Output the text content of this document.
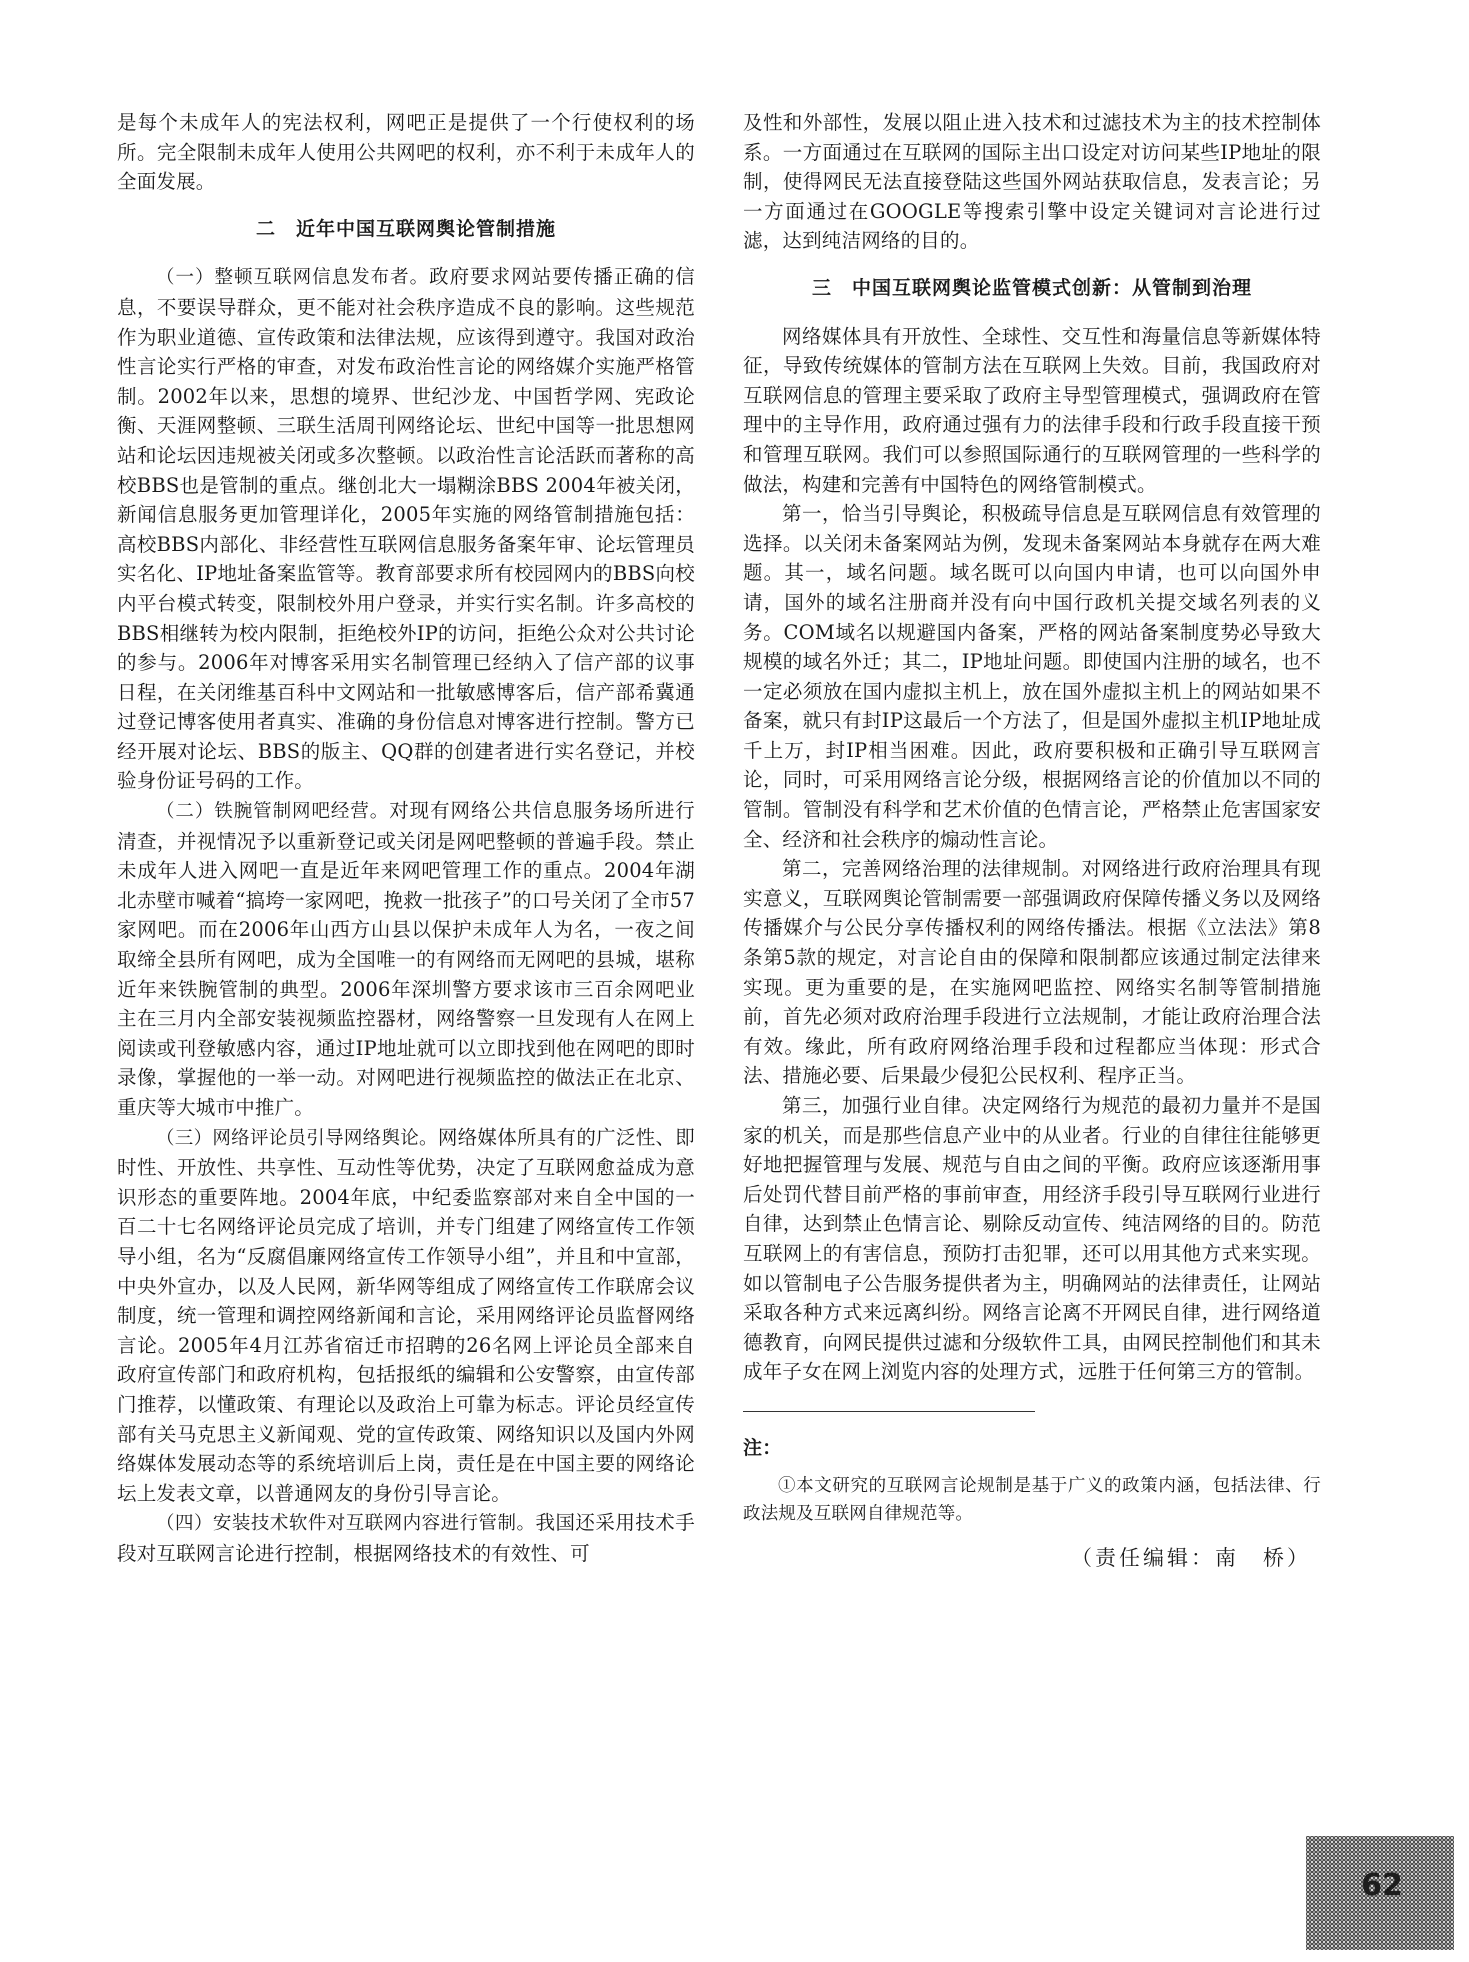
是每个未成年人的宪法权利，网吧正是提供了一个行使权利的场所。完全限制未成年人使用公共网吧的权利，亦不利于未成年人的全面发展。

二　近年中国互联网舆论管制措施

（一）整顿互联网信息发布者。政府要求网站要传播正确的信息，不要误导群众，更不能对社会秩序造成不良的影响。这些规范作为职业道德、宣传政策和法律法规，应该得到遵守。我国对政治性言论实行严格的审查，对发布政治性言论的网络媒介实施严格管制。2002年以来，思想的境界、世纪沙龙、中国哲学网、宪政论衡、天涯网整顿、三联生活周刊网络论坛、世纪中国等一批思想网站和论坛因违规被关闭或多次整顿。以政治性言论活跃而著称的高校BBS也是管制的重点。继创北大一塌糊涂BBS 2004年被关闭，新闻信息服务更加管理详化，2005年实施的网络管制措施包括：高校BBS内部化、非经营性互联网信息服务备案年审、论坛管理员实名化、IP地址备案监管等。教育部要求所有校园网内的BBS向校内平台模式转变，限制校外用户登录，并实行实名制。许多高校的BBS相继转为校内限制，拒绝校外IP的访问，拒绝公众对公共讨论的参与。2006年对博客采用实名制管理已经纳入了信产部的议事日程，在关闭维基百科中文网站和一批敏感博客后，信产部希冀通过登记博客使用者真实、准确的身份信息对博客进行控制。警方已经开展对论坛、BBS的版主、QQ群的创建者进行实名登记，并校验身份证号码的工作。

（二）铁腕管制网吧经营。对现有网络公共信息服务场所进行清查，并视情况予以重新登记或关闭是网吧整顿的普遍手段。禁止未成年人进入网吧一直是近年来网吧管理工作的重点。2004年湖北赤壁市喊着“搞垮一家网吧，挽救一批孩子”的口号关闭了全市57家网吧。而在2006年山西方山县以保护未成年人为名，一夜之间取缔全县所有网吧，成为全国唯一的有网络而无网吧的县城，堪称近年来铁腕管制的典型。2006年深圳警方要求该市三百余网吧业主在三月内全部安装视频监控器材，网络警察一旦发现有人在网上阅读或刊登敏感内容，通过IP地址就可以立即找到他在网吧的即时录像，掌握他的一举一动。对网吧进行视频监控的做法正在北京、重庆等大城市中推广。

（三）网络评论员引导网络舆论。网络媒体所具有的广泛性、即时性、开放性、共享性、互动性等优势，决定了互联网愈益成为意识形态的重要阵地。2004年底，中纪委监察部对来自全中国的一百二十七名网络评论员完成了培训，并专门组建了网络宣传工作领导小组，名为“反腐倡廉网络宣传工作领导小组”，并且和中宣部，中央外宣办，以及人民网，新华网等组成了网络宣传工作联席会议制度，统一管理和调控网络新闻和言论，采用网络评论员监督网络言论。2005年4月江苏省宿迁市招聘的26名网上评论员全部来自政府宣传部门和政府机构，包括报纸的编辑和公安警察，由宣传部门推荐，以懂政策、有理论以及政治上可靠为标志。评论员经宣传部有关马克思主义新闻观、党的宣传政策、网络知识以及国内外网络媒体发展动态等的系统培训后上岗，责任是在中国主要的网络论坛上发表文章，以普通网友的身份引导言论。

（四）安装技术软件对互联网内容进行管制。我国还采用技术手段对互联网言论进行控制，根据网络技术的有效性、可

及性和外部性，发展以阻止进入技术和过滤技术为主的技术控制体系。一方面通过在互联网的国际主出口设定对访问某些IP地址的限制，使得网民无法直接登陆这些国外网站获取信息，发表言论；另一方面通过在GOOGLE等搜索引擎中设定关键词对言论进行过滤，达到纯洁网络的目的。

三　中国互联网舆论监管模式创新：从管制到治理

网络媒体具有开放性、全球性、交互性和海量信息等新媒体特征，导致传统媒体的管制方法在互联网上失效。目前，我国政府对互联网信息的管理主要采取了政府主导型管理模式，强调政府在管理中的主导作用，政府通过强有力的法律手段和行政手段直接干预和管理互联网。我们可以参照国际通行的互联网管理的一些科学的做法，构建和完善有中国特色的网络管制模式。

第一，恰当引导舆论，积极疏导信息是互联网信息有效管理的选择。以关闭未备案网站为例，发现未备案网站本身就存在两大难题。其一，域名问题。域名既可以向国内申请，也可以向国外申请，国外的域名注册商并没有向中国行政机关提交域名列表的义务。COM域名以规避国内备案，严格的网站备案制度势必导致大规模的域名外迁；其二，IP地址问题。即使国内注册的域名，也不一定必须放在国内虚拟主机上，放在国外虚拟主机上的网站如果不备案，就只有封IP这最后一个方法了，但是国外虚拟主机IP地址成千上万，封IP相当困难。因此，政府要积极和正确引导互联网言论，同时，可采用网络言论分级，根据网络言论的价值加以不同的管制。管制没有科学和艺术价值的色情言论，严格禁止危害国家安全、经济和社会秩序的煽动性言论。

第二，完善网络治理的法律规制。对网络进行政府治理具有现实意义，互联网舆论管制需要一部强调政府保障传播义务以及网络传播媒介与公民分享传播权利的网络传播法。根据《立法法》第8条第5款的规定，对言论自由的保障和限制都应该通过制定法律来实现。更为重要的是，在实施网吧监控、网络实名制等管制措施前，首先必须对政府治理手段进行立法规制，才能让政府治理合法有效。缘此，所有政府网络治理手段和过程都应当体现：形式合法、措施必要、后果最少侵犯公民权利、程序正当。

第三，加强行业自律。决定网络行为规范的最初力量并不是国家的机关，而是那些信息产业中的从业者。行业的自律往往能够更好地把握管理与发展、规范与自由之间的平衡。政府应该逐渐用事后处罚代替目前严格的事前审查，用经济手段引导互联网行业进行自律，达到禁止色情言论、剔除反动宣传、纯洁网络的目的。防范互联网上的有害信息，预防打击犯罪，还可以用其他方式来实现。如以管制电子公告服务提供者为主，明确网站的法律责任，让网站采取各种方式来远离纠纷。网络言论离不开网民自律，进行网络道德教育，向网民提供过滤和分级软件工具，由网民控制他们和其未成年子女在网上浏览内容的处理方式，远胜于任何第三方的管制。

注：

①本文研究的互联网言论规制是基于广义的政策内涵，包括法律、行政法规及互联网自律规范等。

（责任编辑：南　桥）
62
